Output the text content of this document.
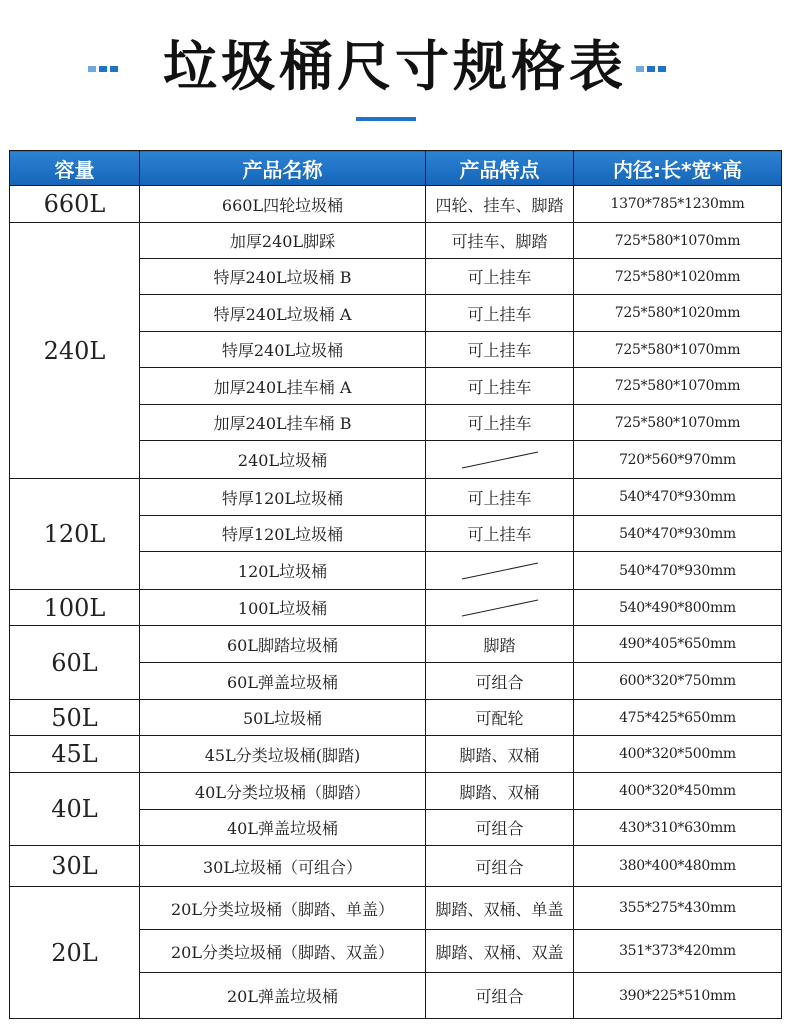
垃圾桶尺寸规格表
容量	产品名称	产品特点	内径:长*宽*高
660L	660L四轮垃圾桶	四轮、挂车、脚踏	1370*785*1230mm
240L	加厚240L脚踩	可挂车、脚踏	725*580*1070mm
	特厚240L垃圾桶 B	可上挂车	725*580*1020mm
	特厚240L垃圾桶 A	可上挂车	725*580*1020mm
	特厚240L垃圾桶	可上挂车	725*580*1070mm
	加厚240L挂车桶 A	可上挂车	725*580*1070mm
	加厚240L挂车桶 B	可上挂车	725*580*1070mm
	240L垃圾桶		720*560*970mm
120L	特厚120L垃圾桶	可上挂车	540*470*930mm
	特厚120L垃圾桶	可上挂车	540*470*930mm
	120L垃圾桶		540*470*930mm
100L	100L垃圾桶		540*490*800mm
60L	60L脚踏垃圾桶	脚踏	490*405*650mm
	60L弹盖垃圾桶	可组合	600*320*750mm
50L	50L垃圾桶	可配轮	475*425*650mm
45L	45L分类垃圾桶(脚踏)	脚踏、双桶	400*320*500mm
40L	40L分类垃圾桶（脚踏）	脚踏、双桶	400*320*450mm
	40L弹盖垃圾桶	可组合	430*310*630mm
30L	30L垃圾桶（可组合）	可组合	380*400*480mm
20L	20L分类垃圾桶（脚踏、单盖）	脚踏、双桶、单盖	355*275*430mm
	20L分类垃圾桶（脚踏、双盖）	脚踏、双桶、双盖	351*373*420mm
	20L弹盖垃圾桶	可组合	390*225*510mm
